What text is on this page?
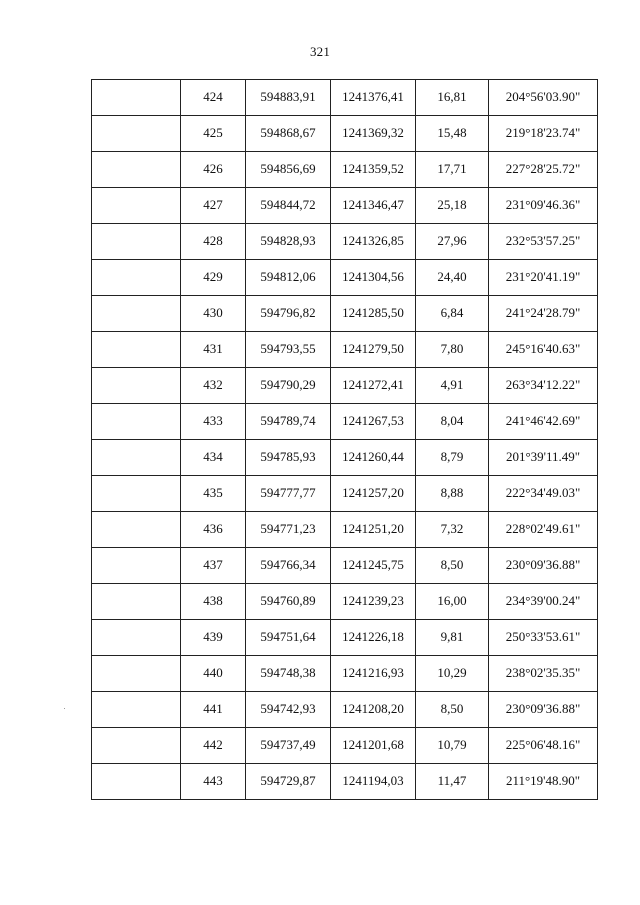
321
	424	594883,91	1241376,41	16,81	204°56'03.90"
	425	594868,67	1241369,32	15,48	219°18'23.74"
	426	594856,69	1241359,52	17,71	227°28'25.72"
	427	594844,72	1241346,47	25,18	231°09'46.36"
	428	594828,93	1241326,85	27,96	232°53'57.25"
	429	594812,06	1241304,56	24,40	231°20'41.19"
	430	594796,82	1241285,50	6,84	241°24'28.79"
	431	594793,55	1241279,50	7,80	245°16'40.63"
	432	594790,29	1241272,41	4,91	263°34'12.22"
	433	594789,74	1241267,53	8,04	241°46'42.69"
	434	594785,93	1241260,44	8,79	201°39'11.49"
	435	594777,77	1241257,20	8,88	222°34'49.03"
	436	594771,23	1241251,20	7,32	228°02'49.61"
	437	594766,34	1241245,75	8,50	230°09'36.88"
	438	594760,89	1241239,23	16,00	234°39'00.24"
	439	594751,64	1241226,18	9,81	250°33'53.61"
	440	594748,38	1241216,93	10,29	238°02'35.35"
	441	594742,93	1241208,20	8,50	230°09'36.88"
	442	594737,49	1241201,68	10,79	225°06'48.16"
	443	594729,87	1241194,03	11,47	211°19'48.90"
